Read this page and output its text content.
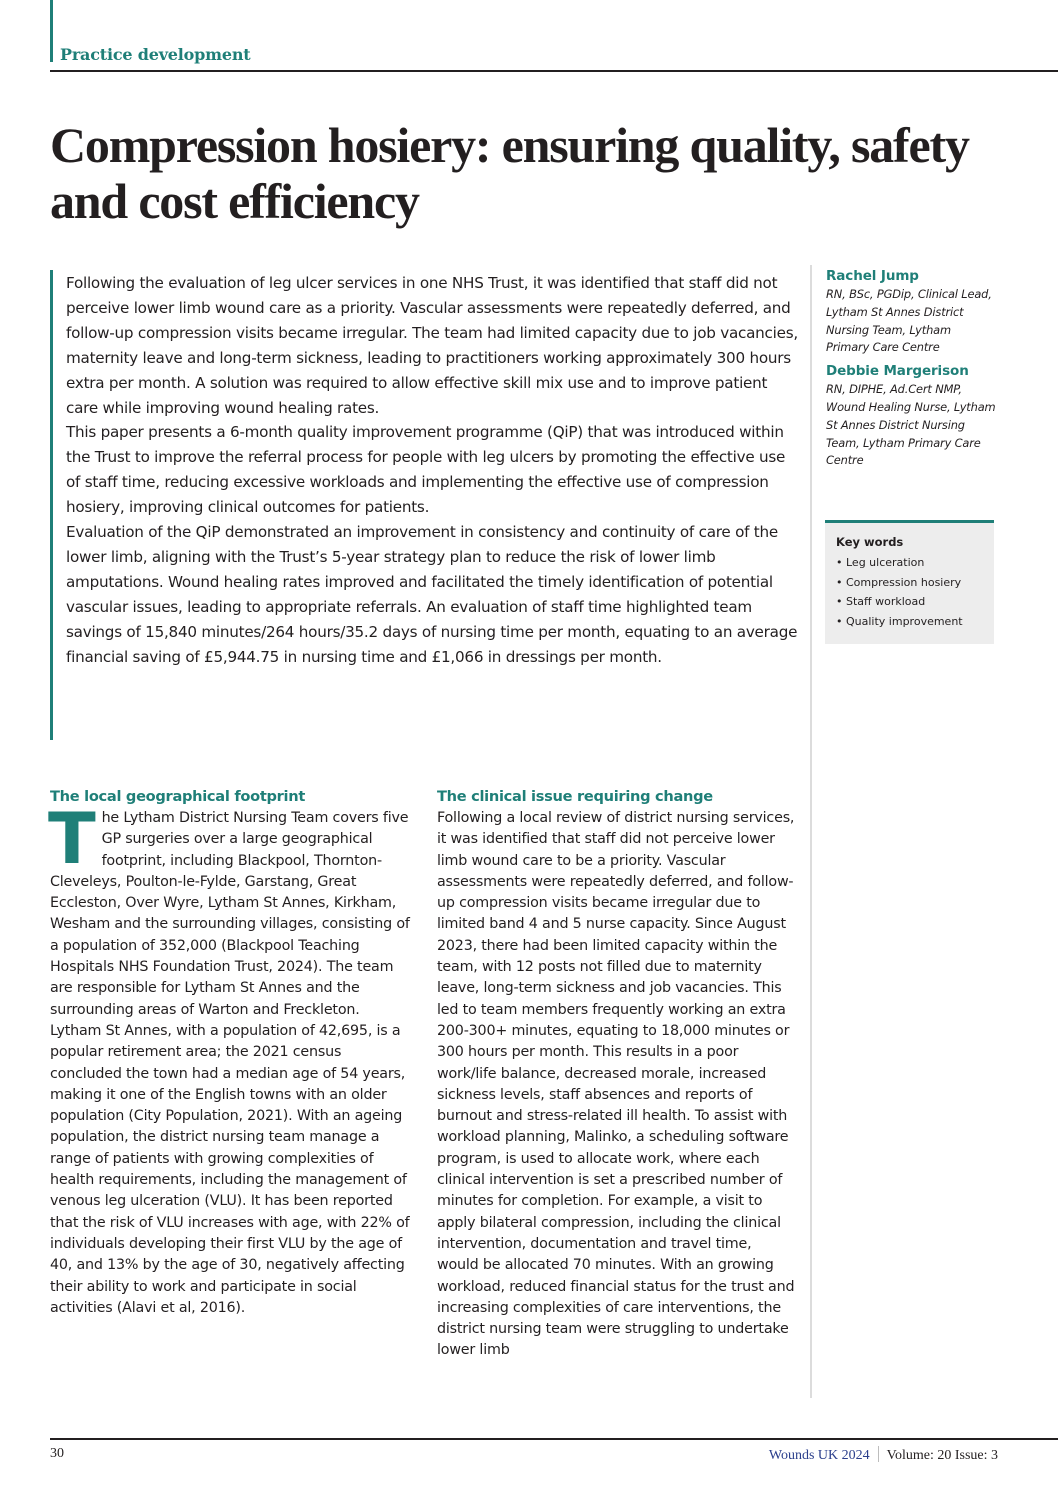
Practice development
Compression hosiery: ensuring quality, safety and cost efficiency

Following the evaluation of leg ulcer services in one NHS Trust, it was identified that staff did not perceive lower limb wound care as a priority. Vascular assessments were repeatedly deferred, and follow-up compression visits became irregular. The team had limited capacity due to job vacancies, maternity leave and long-term sickness, leading to practitioners working approximately 300 hours extra per month. A solution was required to allow effective skill mix use and to improve patient care while improving wound healing rates.

This paper presents a 6-month quality improvement programme (QiP) that was introduced within the Trust to improve the referral process for people with leg ulcers by promoting the effective use of staff time, reducing excessive workloads and implementing the effective use of compression hosiery, improving clinical outcomes for patients.

Evaluation of the QiP demonstrated an improvement in consistency and continuity of care of the lower limb, aligning with the Trust’s 5-year strategy plan to reduce the risk of lower limb amputations. Wound healing rates improved and facilitated the timely identification of potential vascular issues, leading to appropriate referrals. An evaluation of staff time highlighted team savings of 15,840 minutes/264 hours/35.2 days of nursing time per month, equating to an average financial saving of £5,944.75 in nursing time and £1,066 in dressings per month.

Rachel Jump
RN, BSc, PGDip, Clinical Lead, Lytham St Annes District Nursing Team, Lytham Primary Care Centre
Debbie Margerison
RN, DIPHE, Ad.Cert NMP, Wound Healing Nurse, Lytham St Annes District Nursing Team, Lytham Primary Care Centre
Key words
• Leg ulceration
• Compression hosiery
• Staff workload
• Quality improvement
The local geographical footprint

The Lytham District Nursing Team covers five GP surgeries over a large geographical footprint, including Blackpool, Thornton-Cleveleys, Poulton-le-Fylde, Garstang, Great Eccleston, Over Wyre, Lytham St Annes, Kirkham, Wesham and the surrounding villages, consisting of a population of 352,000 (Blackpool Teaching Hospitals NHS Foundation Trust, 2024). The team are responsible for Lytham St Annes and the surrounding areas of Warton and Freckleton. Lytham St Annes, with a population of 42,695, is a popular retirement area; the 2021 census concluded the town had a median age of 54 years, making it one of the English towns with an older population (City Population, 2021). With an ageing population, the district nursing team manage a range of patients with growing complexities of health requirements, including the management of venous leg ulceration (VLU). It has been reported that the risk of VLU increases with age, with 22% of individuals developing their first VLU by the age of 40, and 13% by the age of 30, negatively affecting their ability to work and participate in social activities (Alavi et al, 2016).

The clinical issue requiring change

Following a local review of district nursing services, it was identified that staff did not perceive lower limb wound care to be a priority. Vascular assessments were repeatedly deferred, and follow-up compression visits became irregular due to limited band 4 and 5 nurse capacity. Since August 2023, there had been limited capacity within the team, with 12 posts not filled due to maternity leave, long-term sickness and job vacancies. This led to team members frequently working an extra 200-300+ minutes, equating to 18,000 minutes or 300 hours per month. This results in a poor work/life balance, decreased morale, increased sickness levels, staff absences and reports of burnout and stress-related ill health. To assist with workload planning, Malinko, a scheduling software program, is used to allocate work, where each clinical intervention is set a prescribed number of minutes for completion. For example, a visit to apply bilateral compression, including the clinical intervention, documentation and travel time, would be allocated 70 minutes. With an growing workload, reduced financial status for the trust and increasing complexities of care interventions, the district nursing team were struggling to undertake lower limb

30	Wounds UK 2024 Volume: 20 Issue: 3
